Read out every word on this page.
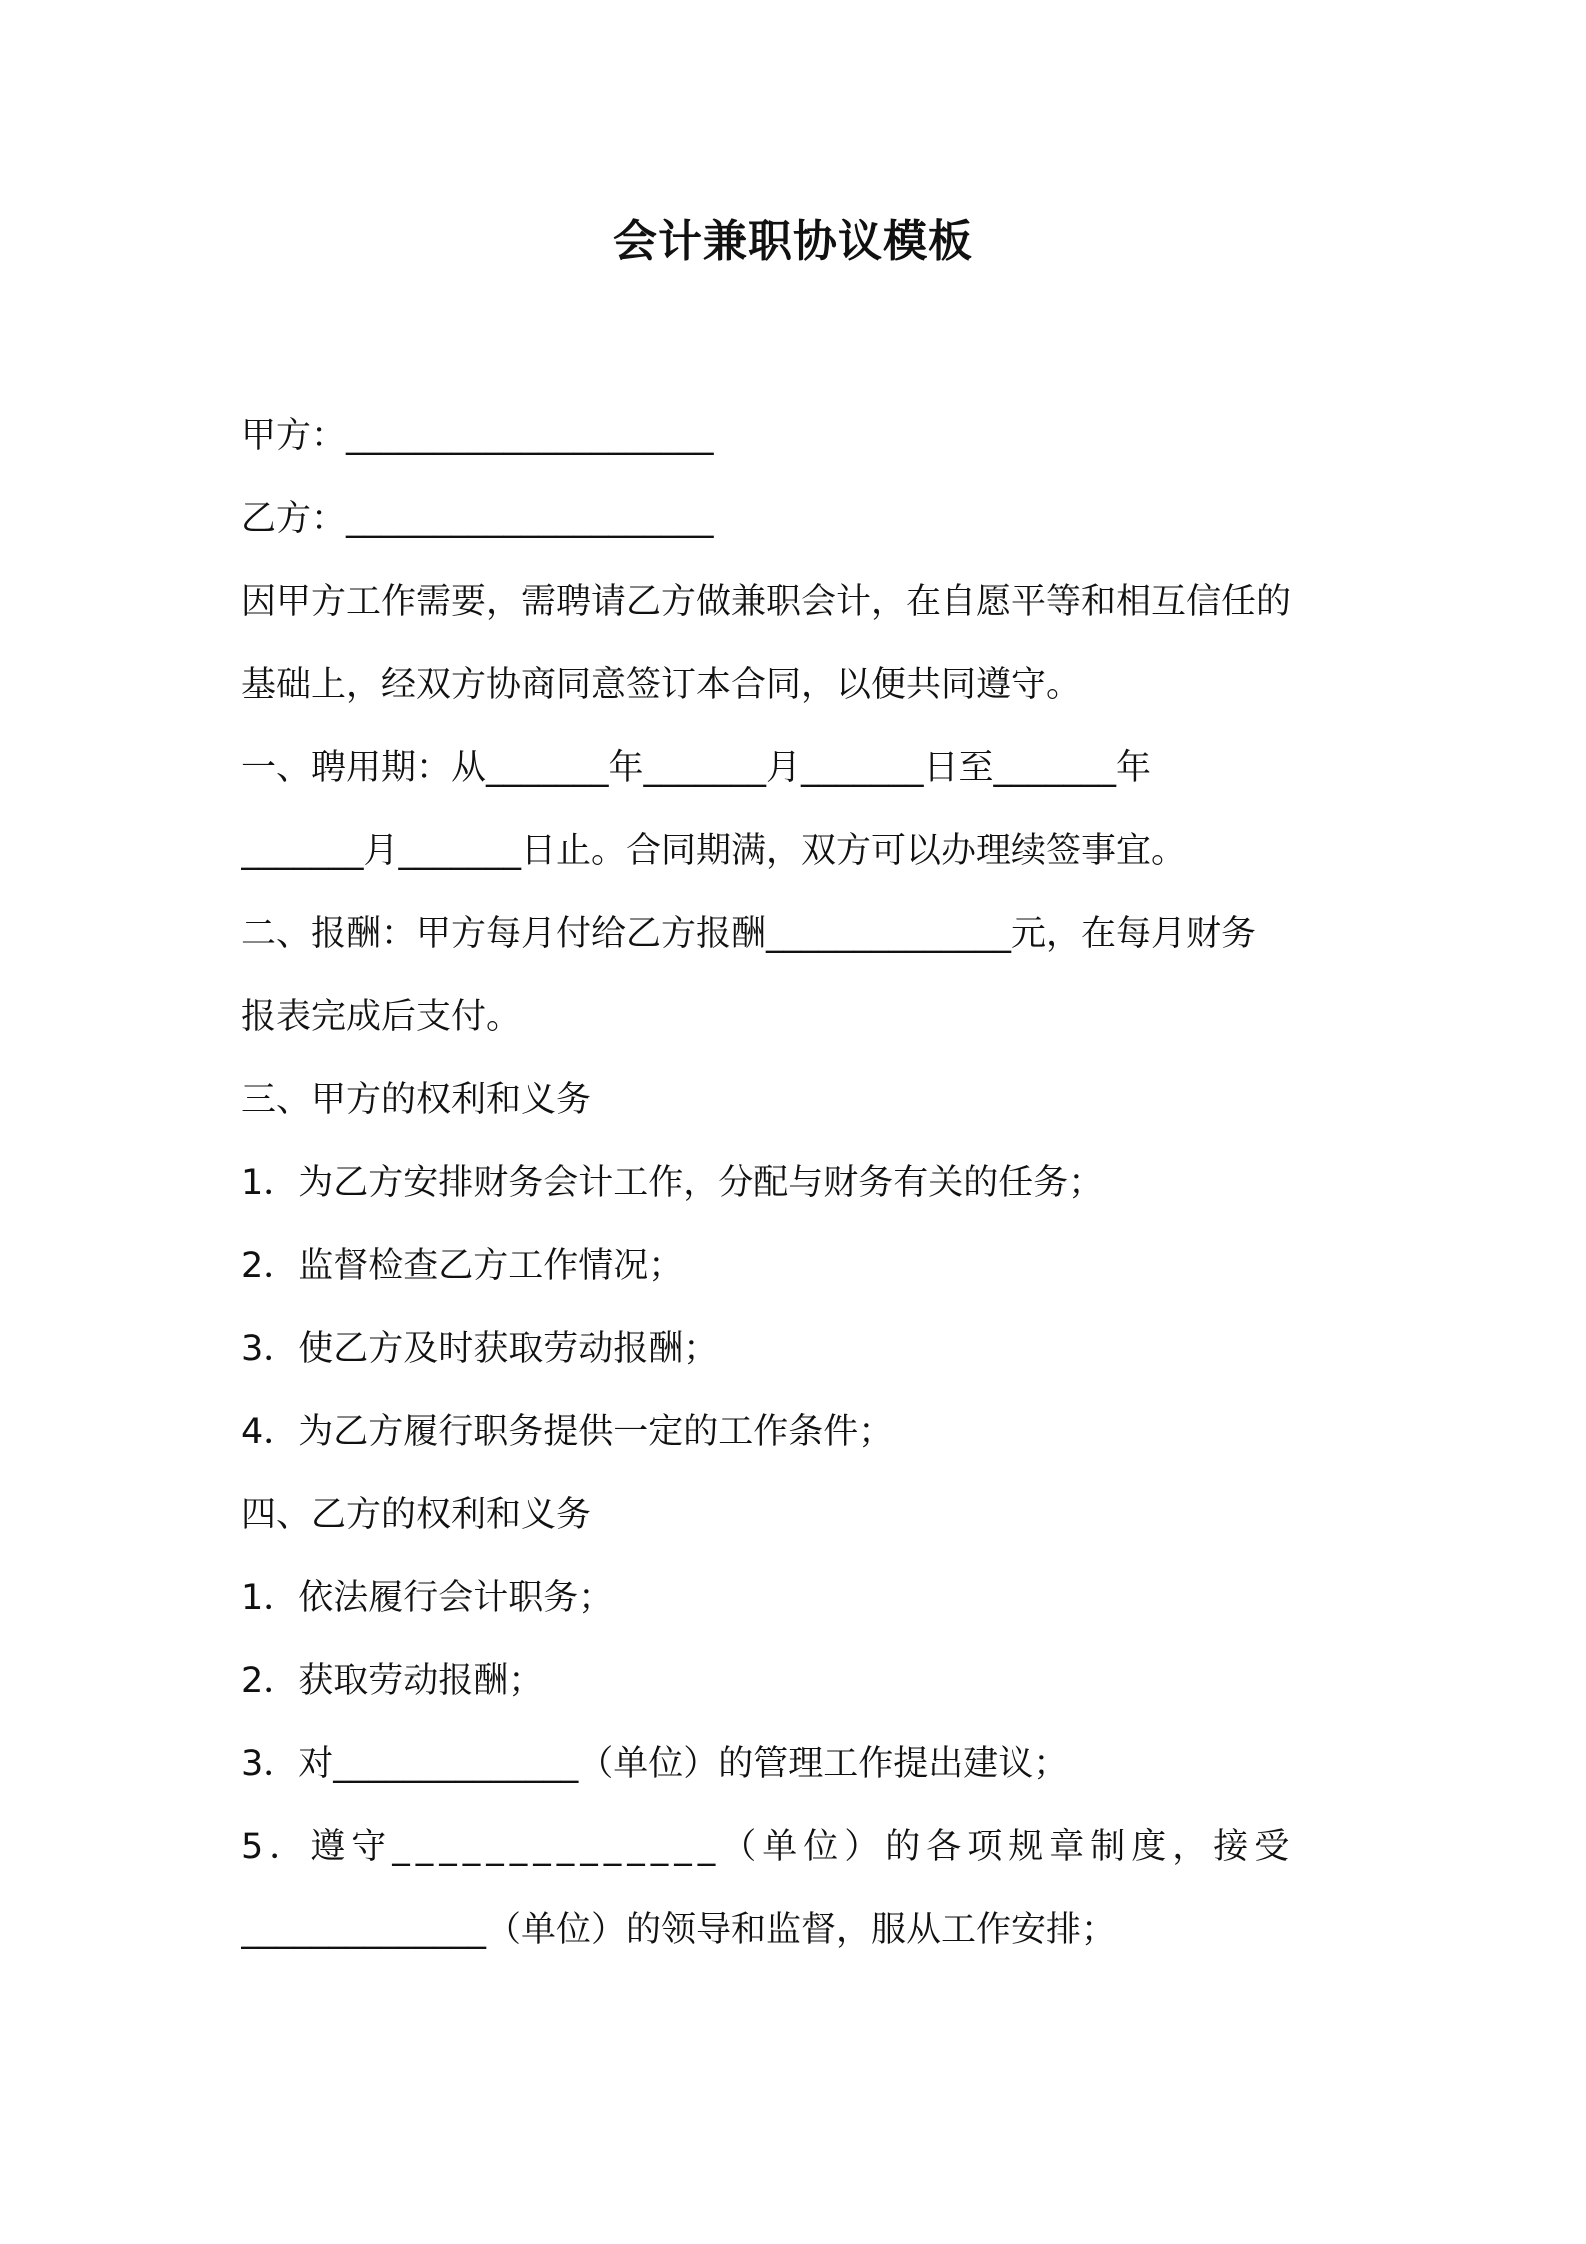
会计兼职协议模板
甲方：_____________________
乙方：_____________________
因甲方工作需要，需聘请乙方做兼职会计，在自愿平等和相互信任的
基础上，经双方协商同意签订本合同，以便共同遵守。
一、聘用期：从_______年_______月_______日至_______年
_______月_______日止。合同期满，双方可以办理续签事宜。
二、报酬：甲方每月付给乙方报酬______________元，在每月财务
报表完成后支付。
三、甲方的权利和义务
1．为乙方安排财务会计工作，分配与财务有关的任务；
2．监督检查乙方工作情况；
3．使乙方及时获取劳动报酬；
4．为乙方履行职务提供一定的工作条件；
四、乙方的权利和义务
1．依法履行会计职务；
2．获取劳动报酬；
3．对______________（单位）的管理工作提出建议；
5．遵守______________（单位）的各项规章制度，接受
______________（单位）的领导和监督，服从工作安排；
